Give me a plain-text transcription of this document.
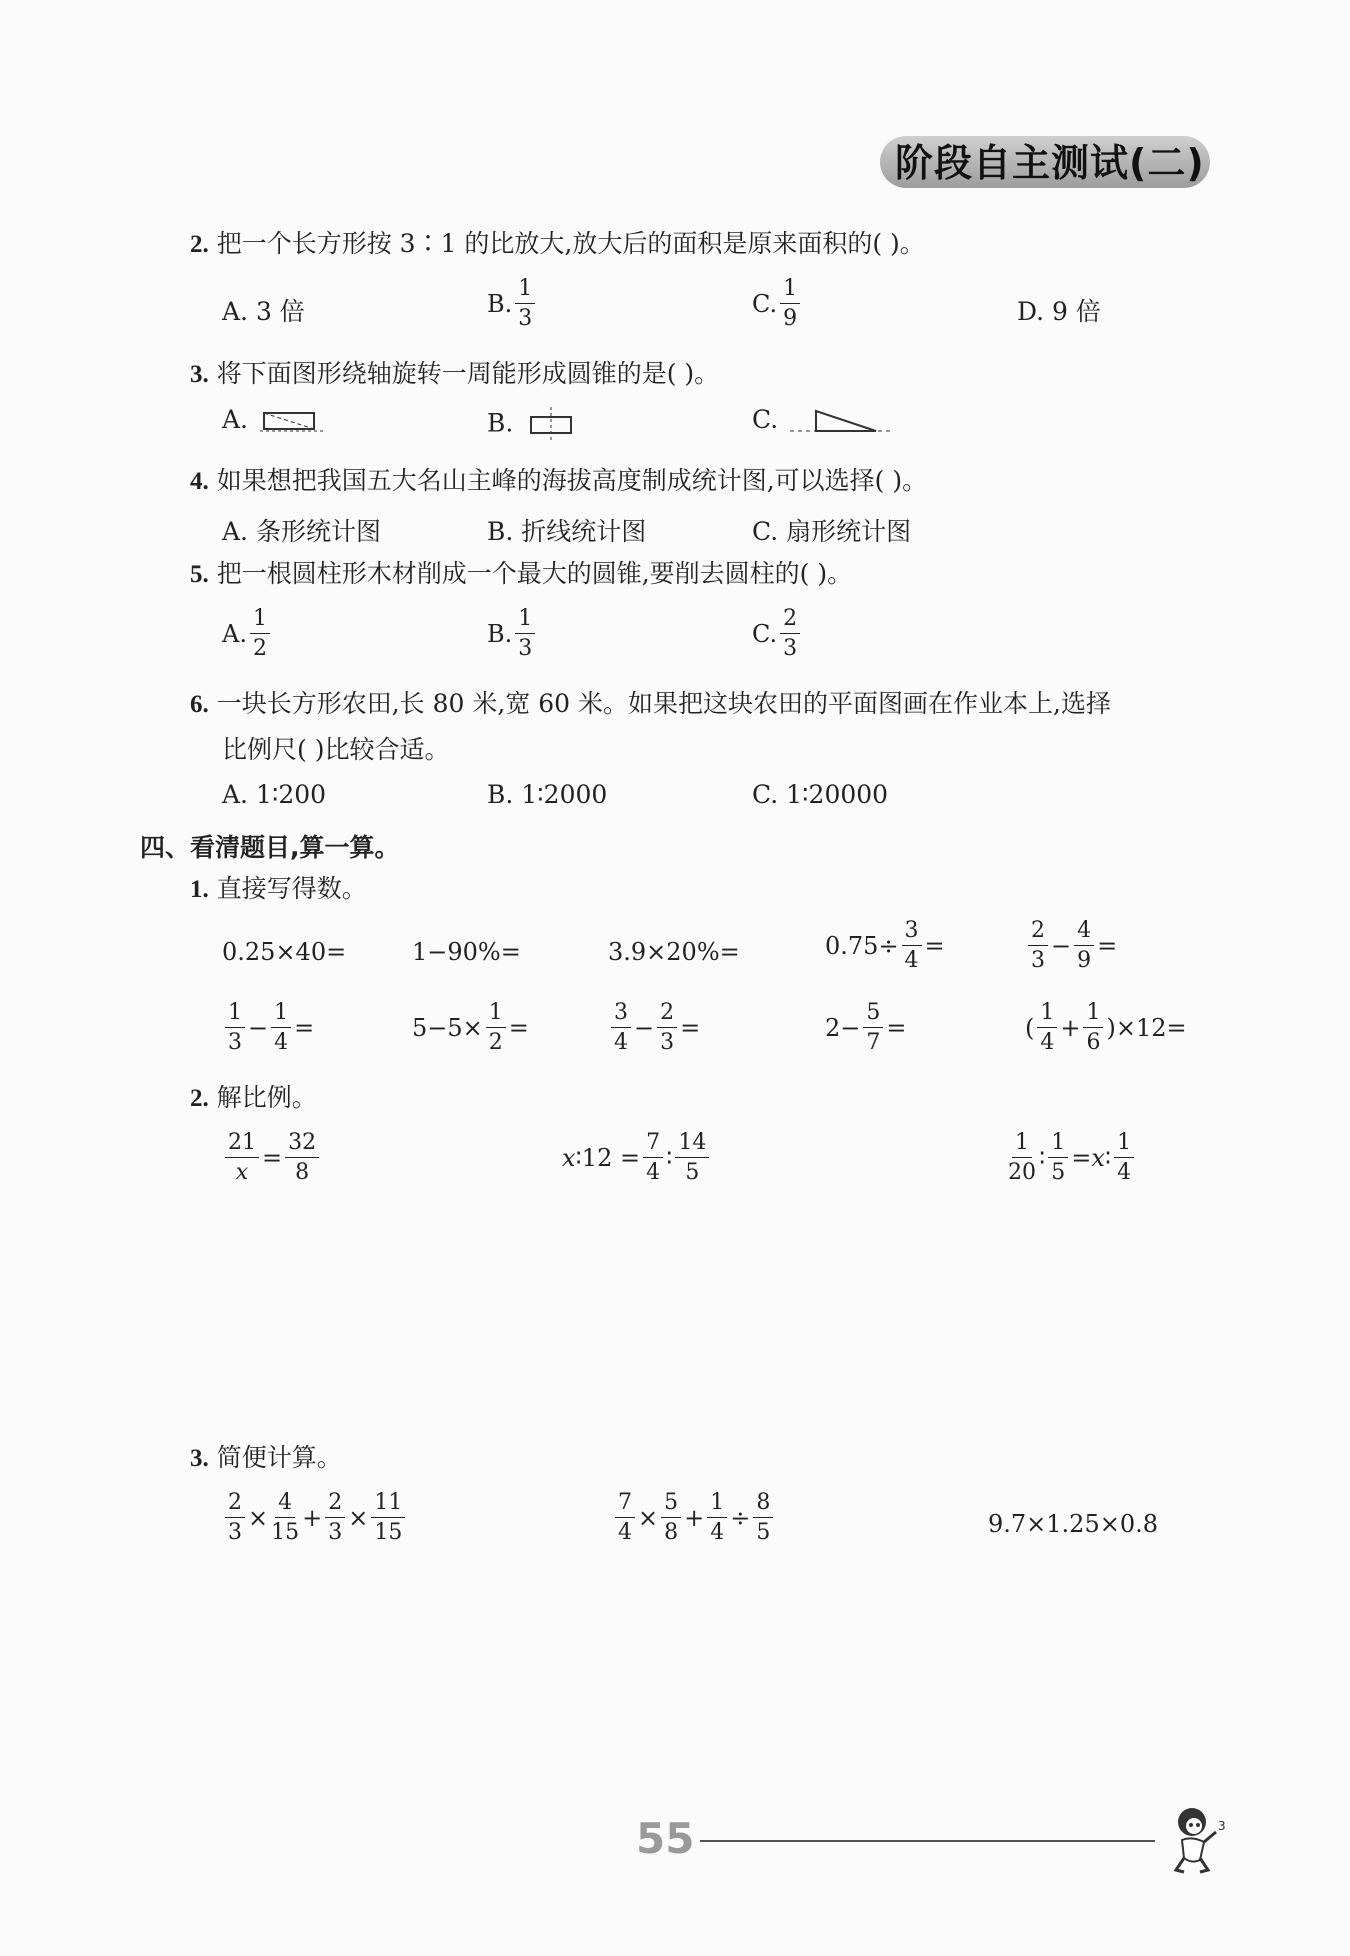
阶段自主测试(二)
2. 把一个长方形按 3∶1 的比放大,放大后的面积是原来面积的( )。
A. 3 倍	B. $\frac{1}{3}$	C. $\frac{1}{9}$	D. 9 倍
3. 将下面图形绕轴旋转一周能形成圆锥的是( )。
A.	B.	C.
4. 如果想把我国五大名山主峰的海拔高度制成统计图,可以选择( )。
A. 条形统计图	B. 折线统计图	C. 扇形统计图
5. 把一根圆柱形木材削成一个最大的圆锥,要削去圆柱的( )。
A. $\frac{1}{2}$	B. $\frac{1}{3}$	C. $\frac{2}{3}$
6. 一块长方形农田,长 80 米,宽 60 米。如果把这块农田的平面图画在作业本上,选择
比例尺( )比较合适。
A. 1∶200	B. 1∶2000	C. 1∶20000
四、看清题目,算一算。
1. 直接写得数。
0.25×40=	1−90%=	3.9×20%=	$0.75\div \frac{3}{4}$ =	$\frac{2}{3} - \frac{4}{9}$ =
$\frac{1}{3} - \frac{1}{4}$ =	$5-5\times \frac{1}{2}$ =	$\frac{3}{4} - \frac{2}{3}$ =	$2- \frac{5}{7}$ =	( $\frac{1}{4} + \frac{1}{6} )\times 12=$
2. 解比例。
$\frac{21}{x} = \frac{32}{8}$	x ∶12 = $\frac{7}{4}$ ∶ $\frac{14}{5}$	$\frac{1}{20}$ ∶ $\frac{1}{5} = x$ ∶ $\frac{1}{4}$
3. 简便计算。
$\frac{2}{3} \times \frac{4}{15} + \frac{2}{3} \times \frac{11}{15}$	$\frac{7}{4} \times \frac{5}{8} + \frac{1}{4} \div \frac{8}{5}$	9.7×1.25×0.8
55	3
